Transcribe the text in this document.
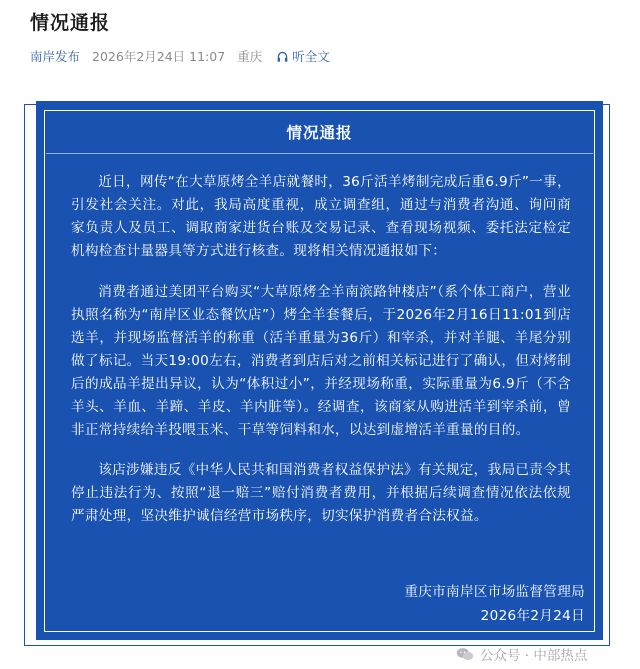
情况通报
南岸发布 2026年2月24日 11:07 重庆 听全文
情况通报
近日，网传“在大草原烤全羊店就餐时，36斤活羊烤制完成后重6.9斤”一事，引发社会关注。对此，我局高度重视，成立调查组，通过与消费者沟通、询问商家负责人及员工、调取商家进货台账及交易记录、查看现场视频、委托法定检定机构检查计量器具等方式进行核查。现将相关情况通报如下：
消费者通过美团平台购买“大草原烤全羊南滨路钟楼店”（系个体工商户，营业执照名称为“南岸区业态餐饮店”）烤全羊套餐后，于2026年2月16日11:01到店选羊，并现场监督活羊的称重（活羊重量为36斤）和宰杀，并对羊腿、羊尾分别做了标记。当天19:00左右，消费者到店后对之前相关标记进行了确认，但对烤制后的成品羊提出异议，认为“体积过小”，并经现场称重，实际重量为6.9斤（不含羊头、羊血、羊蹄、羊皮、羊内脏等）。经调查，该商家从购进活羊到宰杀前，曾非正常持续给羊投喂玉米、干草等饲料和水，以达到虚增活羊重量的目的。
该店涉嫌违反《中华人民共和国消费者权益保护法》有关规定，我局已责令其停止违法行为、按照“退一赔三”赔付消费者费用，并根据后续调查情况依法依规严肃处理，坚决维护诚信经营市场秩序，切实保护消费者合法权益。
重庆市南岸区市场监督管理局
2026年2月24日
公众号 · 中部热点
